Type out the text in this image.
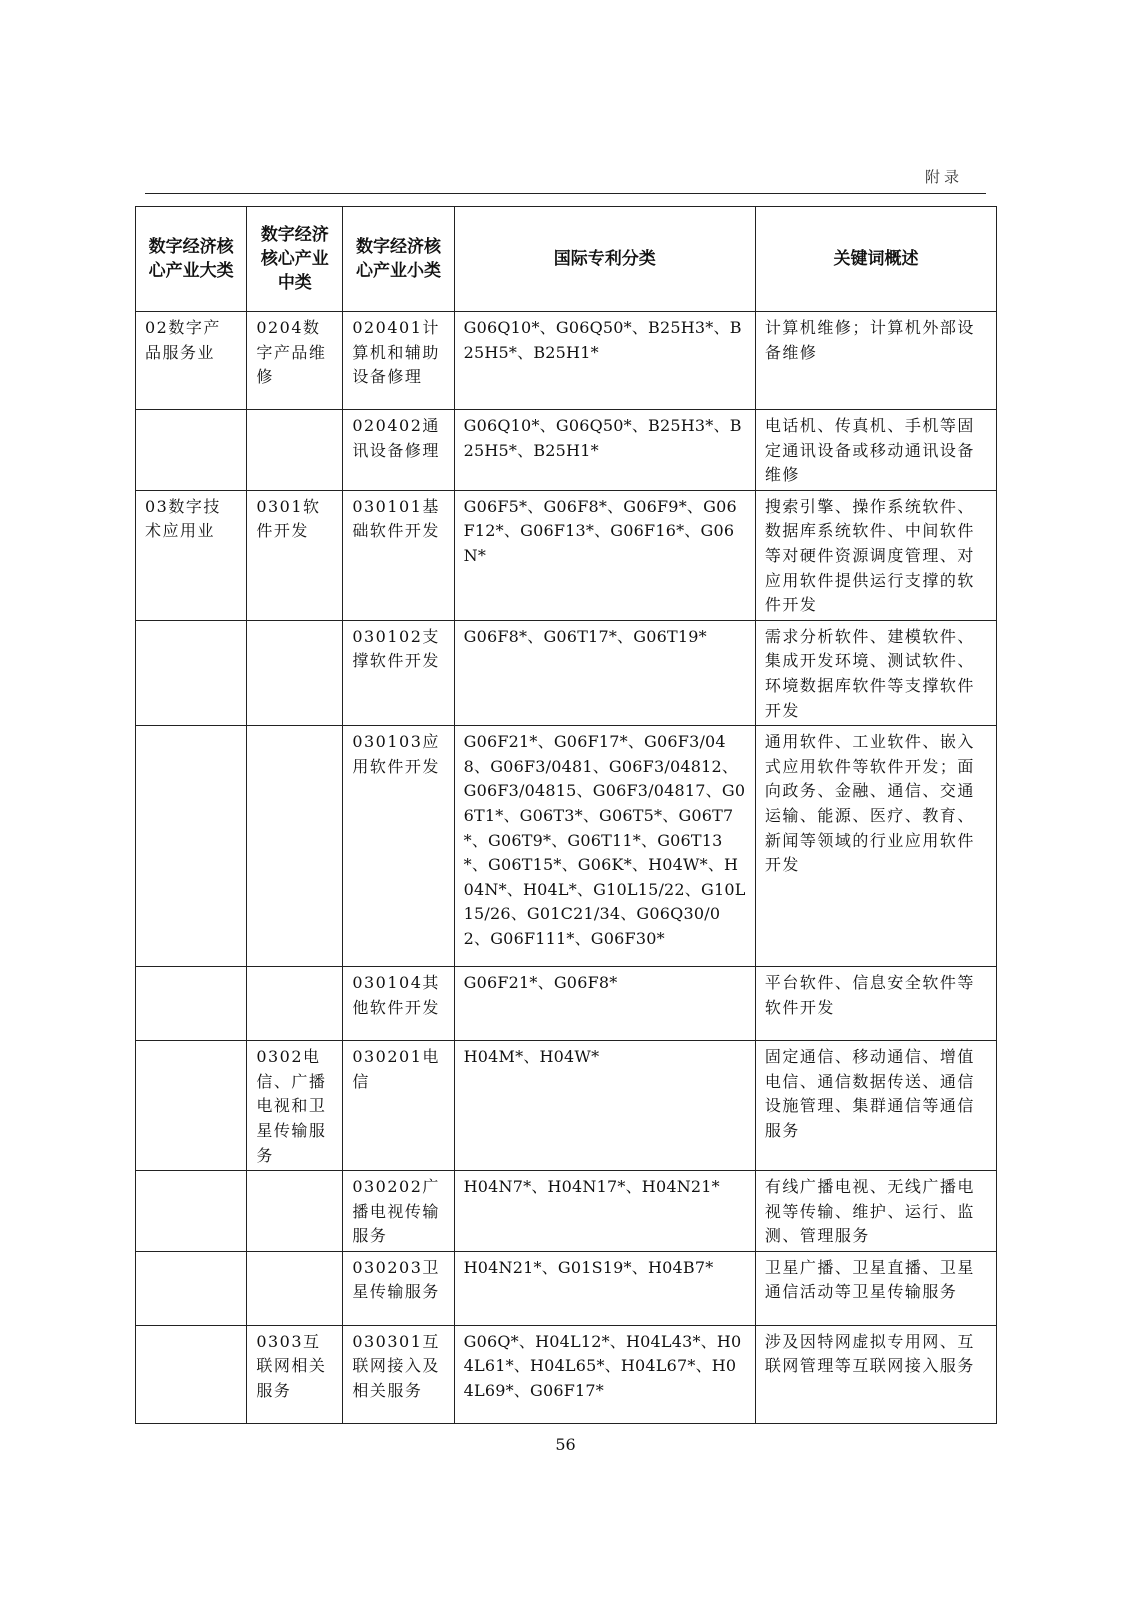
附录
数字经济核心产业大类	数字经济核心产业中类	数字经济核心产业小类	国际专利分类	关键词概述
02数字产品服务业	0204数字产品维修	020401计算机和辅助设备修理	G06Q10*、G06Q50*、B25H3*、B25H5*、B25H1*	计算机维修；计算机外部设备维修
		020402通讯设备修理	G06Q10*、G06Q50*、B25H3*、B25H5*、B25H1*	电话机、传真机、手机等固定通讯设备或移动通讯设备维修
03数字技术应用业	0301软件开发	030101基础软件开发	G06F5*、G06F8*、G06F9*、G06F12*、G06F13*、G06F16*、G06N*	搜索引擎、操作系统软件、数据库系统软件、中间软件等对硬件资源调度管理、对应用软件提供运行支撑的软件开发
		030102支撑软件开发	G06F8*、G06T17*、G06T19*	需求分析软件、建模软件、集成开发环境、测试软件、环境数据库软件等支撑软件开发
		030103应用软件开发	G06F21*、G06F17*、G06F3/048、G06F3/0481、G06F3/04812、G06F3/04815、G06F3/04817、G06T1*、G06T3*、G06T5*、G06T7*、G06T9*、G06T11*、G06T13*、G06T15*、G06K*、H04W*、H04N*、H04L*、G10L15/22、G10L15/26、G01C21/34、G06Q30/02、G06F111*、G06F30*	通用软件、工业软件、嵌入式应用软件等软件开发；面向政务、金融、通信、交通运输、能源、医疗、教育、新闻等领域的行业应用软件开发
		030104其他软件开发	G06F21*、G06F8*	平台软件、信息安全软件等软件开发
	0302电信、广播电视和卫星传输服务	030201电信	H04M*、H04W*	固定通信、移动通信、增值电信、通信数据传送、通信设施管理、集群通信等通信服务
		030202广播电视传输服务	H04N7*、H04N17*、H04N21*	有线广播电视、无线广播电视等传输、维护、运行、监测、管理服务
		030203卫星传输服务	H04N21*、G01S19*、H04B7*	卫星广播、卫星直播、卫星通信活动等卫星传输服务
	0303互联网相关服务	030301互联网接入及相关服务	G06Q*、H04L12*、H04L43*、H04L61*、H04L65*、H04L67*、H04L69*、G06F17*	涉及因特网虚拟专用网、互联网管理等互联网接入服务
56
